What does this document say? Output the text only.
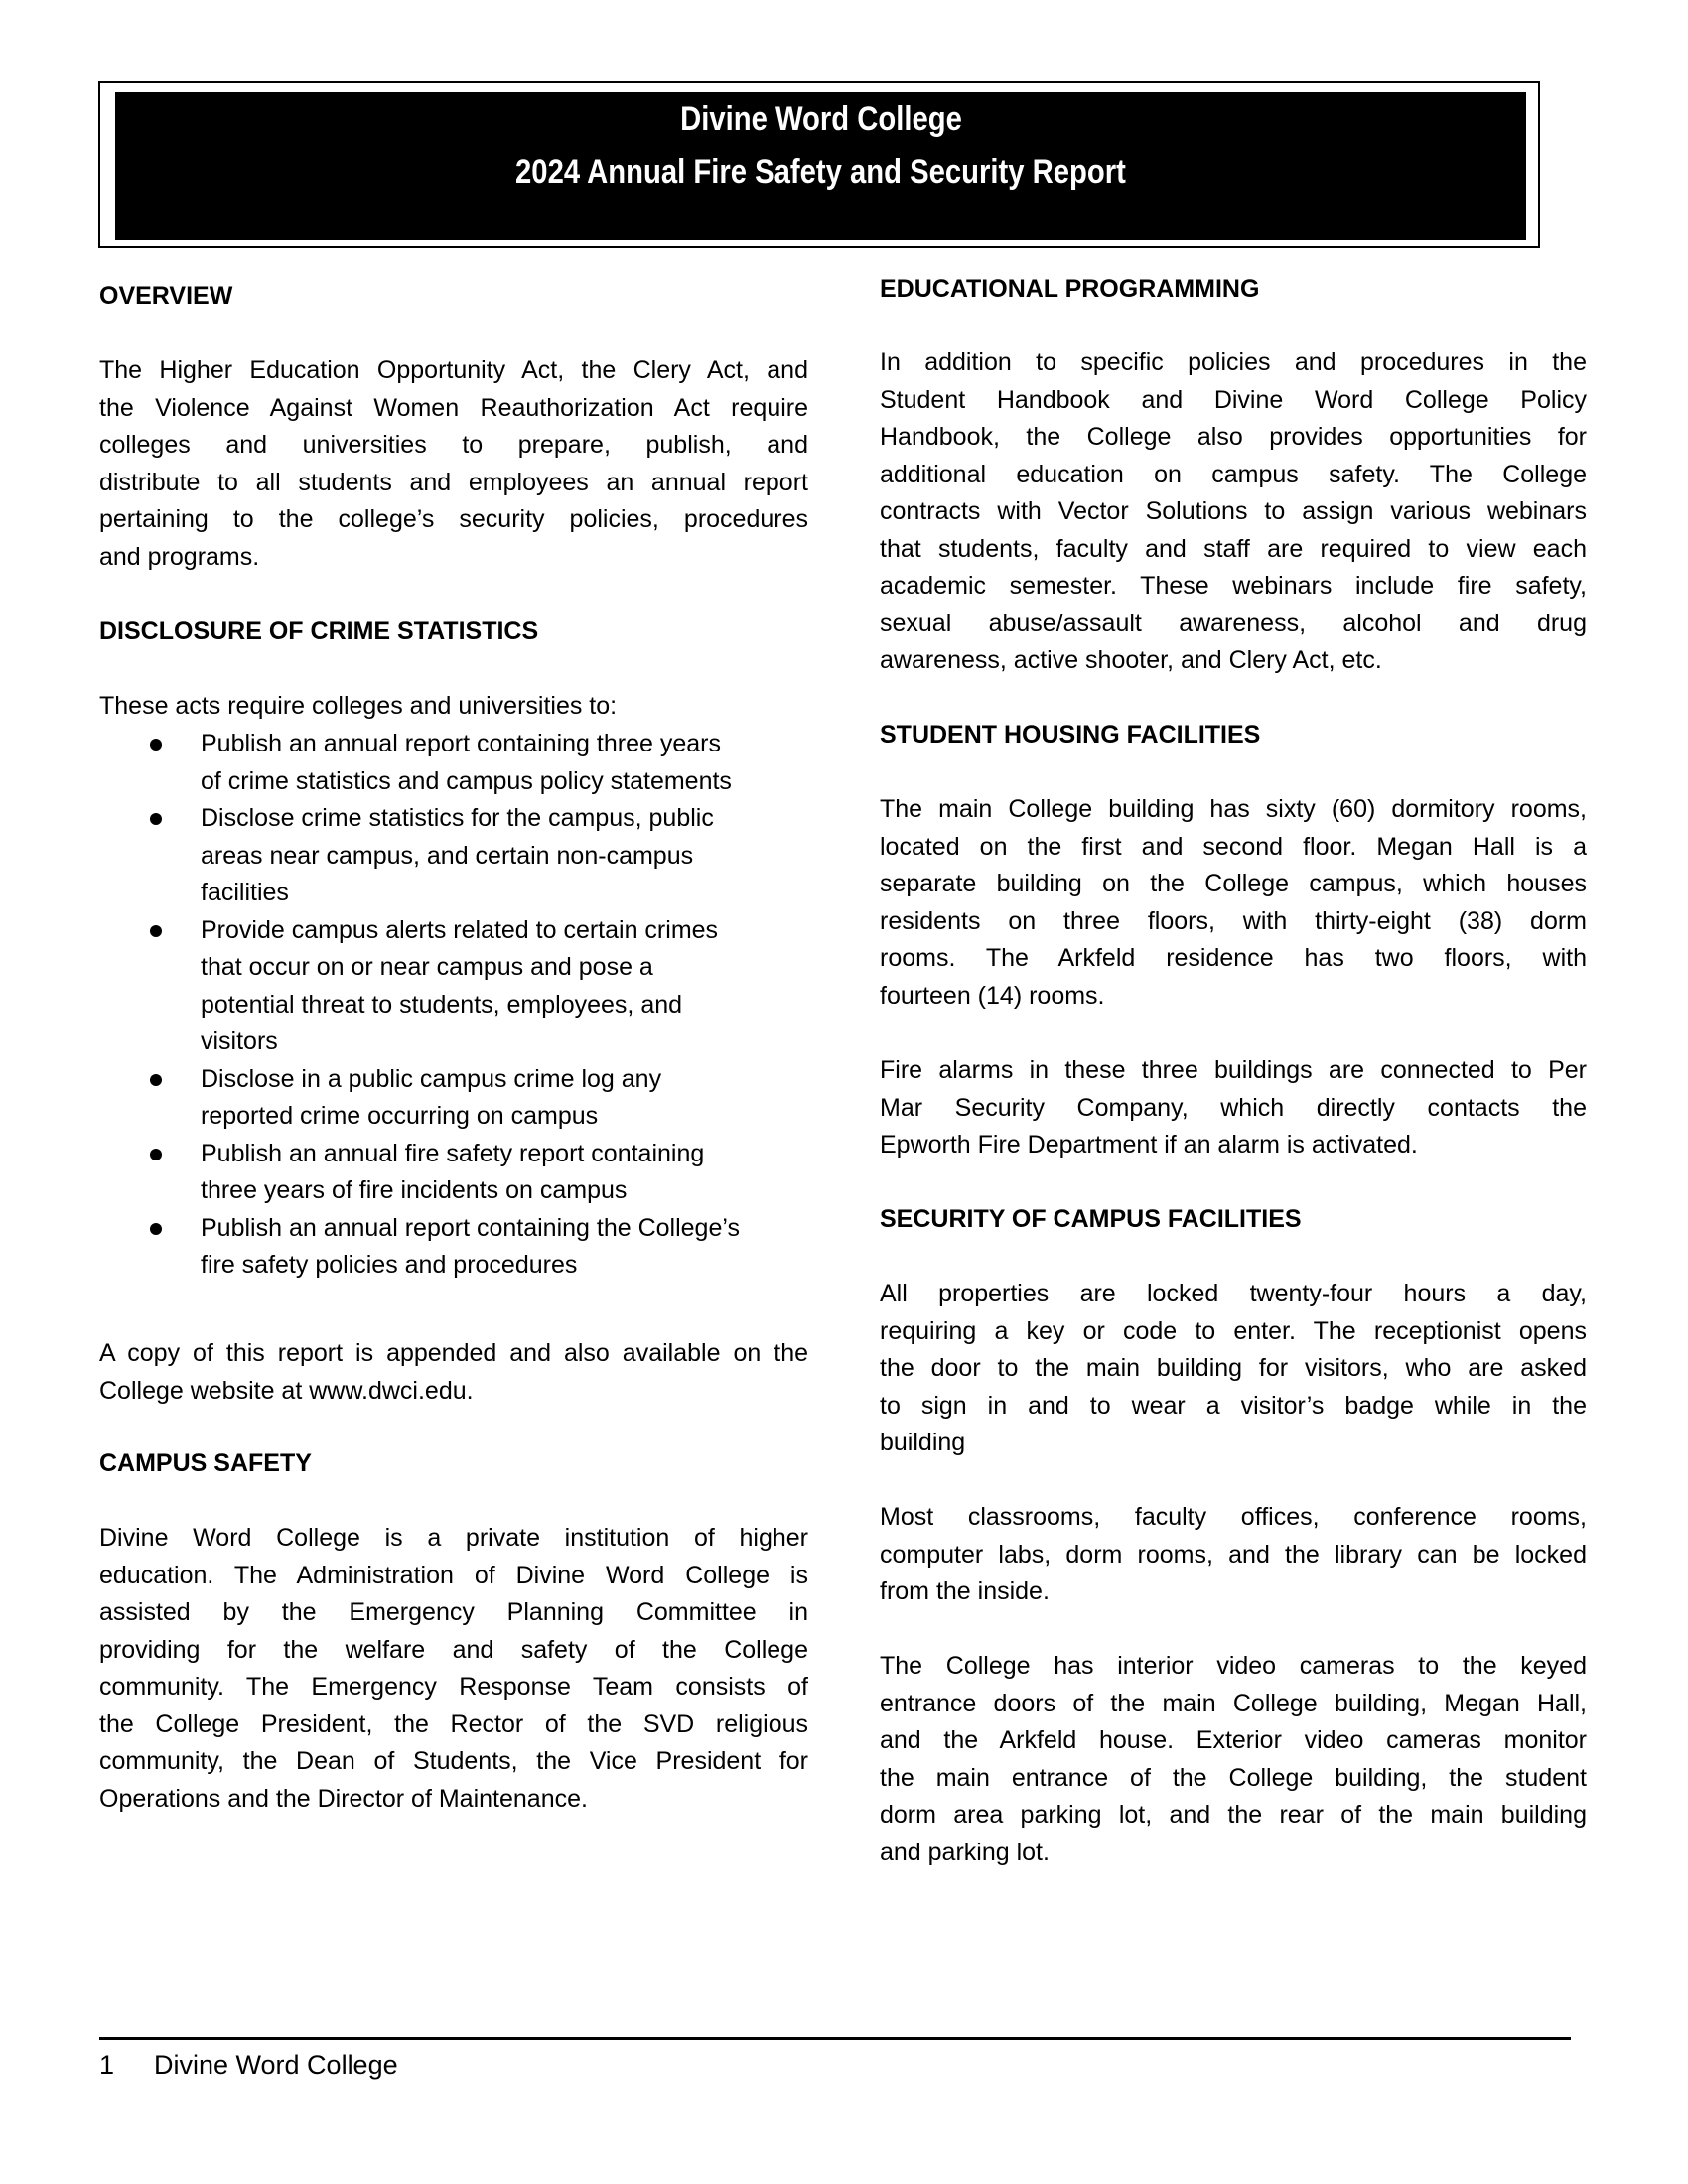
Divine Word College
2024 Annual Fire Safety and Security Report
OVERVIEW
The Higher Education Opportunity Act, the Clery Act, and
the Violence Against Women Reauthorization Act require
colleges and universities to prepare, publish, and
distribute to all students and employees an annual report
pertaining to the college’s security policies, procedures
and programs.
DISCLOSURE OF CRIME STATISTICS
These acts require colleges and universities to:
Publish an annual report containing three years
of crime statistics and campus policy statements
Disclose crime statistics for the campus, public
areas near campus, and certain non-campus
facilities
Provide campus alerts related to certain crimes
that occur on or near campus and pose a
potential threat to students, employees, and
visitors
Disclose in a public campus crime log any
reported crime occurring on campus
Publish an annual fire safety report containing
three years of fire incidents on campus
Publish an annual report containing the College’s
fire safety policies and procedures
A copy of this report is appended and also available on the
College website at www.dwci.edu.
CAMPUS SAFETY
Divine Word College is a private institution of higher
education. The Administration of Divine Word College is
assisted by the Emergency Planning Committee in
providing for the welfare and safety of the College
community. The Emergency Response Team consists of
the College President, the Rector of the SVD religious
community, the Dean of Students, the Vice President for
Operations and the Director of Maintenance.
EDUCATIONAL PROGRAMMING
In addition to specific policies and procedures in the
Student Handbook and Divine Word College Policy
Handbook, the College also provides opportunities for
additional education on campus safety. The College
contracts with Vector Solutions to assign various webinars
that students, faculty and staff are required to view each
academic semester. These webinars include fire safety,
sexual abuse/assault awareness, alcohol and drug
awareness, active shooter, and Clery Act, etc.
STUDENT HOUSING FACILITIES
The main College building has sixty (60) dormitory rooms,
located on the first and second floor. Megan Hall is a
separate building on the College campus, which houses
residents on three floors, with thirty-eight (38) dorm
rooms. The Arkfeld residence has two floors, with
fourteen (14) rooms.
Fire alarms in these three buildings are connected to Per
Mar Security Company, which directly contacts the
Epworth Fire Department if an alarm is activated.
SECURITY OF CAMPUS FACILITIES
All properties are locked twenty-four hours a day,
requiring a key or code to enter. The receptionist opens
the door to the main building for visitors, who are asked
to sign in and to wear a visitor’s badge while in the
building
Most classrooms, faculty offices, conference rooms,
computer labs, dorm rooms, and the library can be locked
from the inside.
The College has interior video cameras to the keyed
entrance doors of the main College building, Megan Hall,
and the Arkfeld house. Exterior video cameras monitor
the main entrance of the College building, the student
dorm area parking lot, and the rear of the main building
and parking lot.
1 Divine Word College
